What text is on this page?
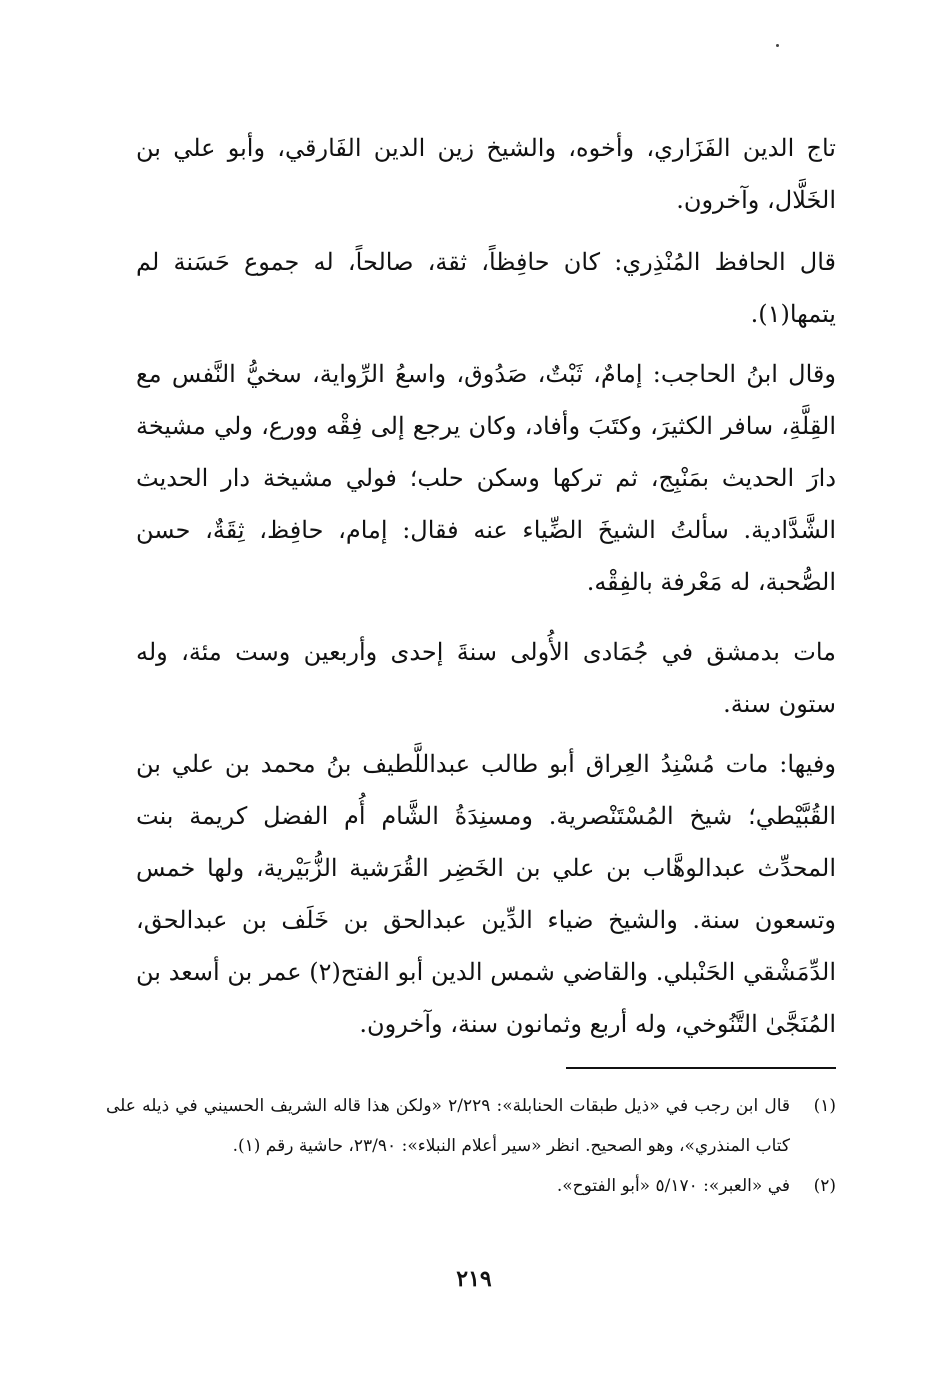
تاج الدين الفَزَاري، وأخوه، والشيخ زين الدين الفَارقي، وأبو علي بن الخَلَّال، وآخرون.

قال الحافظ المُنْذِري: كان حافِظاً، ثقة، صالحاً، له جموع حَسَنة لم يتمها(١).

وقال ابنُ الحاجب: إمامٌ، ثَبْتٌ، صَدُوق، واسعُ الرِّواية، سخيُّ النَّفس مع القِلَّةِ، سافر الكثيرَ، وكتَبَ وأفاد، وكان يرجع إلى فِقْه وورع، ولي مشيخة دارَ الحديث بمَنْبِج، ثم تركها وسكن حلب؛ فولي مشيخة دار الحديث الشَّدَّادية. سألتُ الشيخَ الضِّياء عنه فقال: إمام، حافِظ، ثِقَةٌ، حسن الصُّحبة، له مَعْرفة بالفِقْه.

مات بدمشق في جُمَادى الأُولى سنةَ إحدى وأربعين وست مئة، وله ستون سنة.

وفيها: مات مُسْنِدُ العِراق أبو طالب عبداللَّطيف بنُ محمد بن علي بن القُبَّيْطي؛ شيخ المُسْتَنْصرية. ومسنِدَةُ الشَّام أُم الفضل كريمة بنت المحدِّث عبدالوهَّاب بن علي بن الخَضِر القُرَشية الزُّبَيْرية، ولها خمس وتسعون سنة. والشيخ ضياء الدِّين عبدالحق بن خَلَف بن عبدالحق، الدِّمَشْقي الحَنْبلي. والقاضي شمس الدين أبو الفتح(٢) عمر بن أسعد بن المُنَجَّىٰ التَّنُوخي، وله أربع وثمانون سنة، وآخرون.

(١)
قال ابن رجب في «ذيل طبقات الحنابلة»: ٢/٢٢٩ «ولكن هذا قاله الشريف الحسيني في ذيله على كتاب المنذري»، وهو الصحيح. انظر «سير أعلام النبلاء»: ٢٣/٩٠، حاشية رقم (١).
(٢)
في «العبر»: ٥/١٧٠ «أبو الفتوح».
٢١٩
